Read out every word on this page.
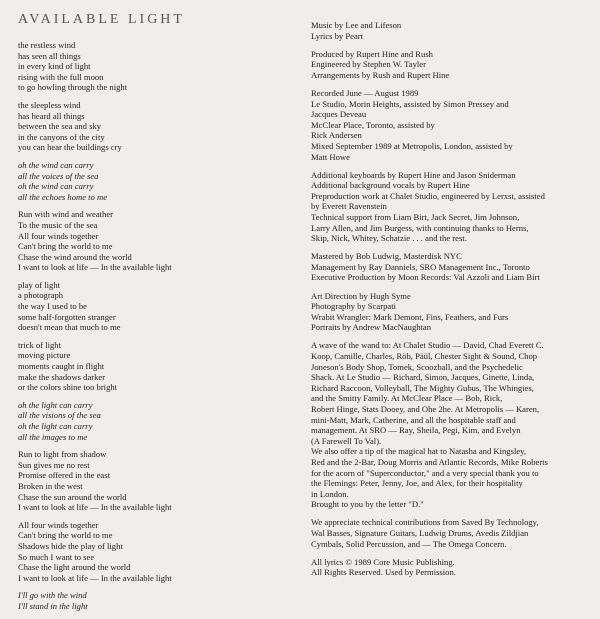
AVAILABLE LIGHT
the restless wind
has seen all things
in every kind of light
rising with the full moon
to go howling through the night
the sleepless wind
has heard all things
between the sea and sky
in the canyons of the city
you can hear the buildings cry
oh the wind can carry
all the voices of the sea
oh the wind can carry
all the echoes home to me
Run with wind and weather
To the music of the sea
All four winds together
Can't bring the world to me
Chase the wind around the world
I want to look at life — In the available light
play of light
a photograph
the way I used to be
some half-forgotten stranger
doesn't mean that much to me
trick of light
moving picture
moments caught in flight
make the shadows darker
or the colors shine too bright
oh the light can carry
all the visions of the sea
oh the light can carry
all the images to me
Run to light from shadow
Sun gives me no rest
Promise offered in the east
Broken in the west
Chase the sun around the world
I want to look at life — In the available light
All four winds together
Can't bring the world to me
Shadows hide the play of light
So much I want to see
Chase the light around the world
I want to look at life — In the available light
I'll go with the wind
I'll stand in the light
Music by Lee and Lifeson
Lyrics by Peart
Produced by Rupert Hine and Rush
Engineered by Stephen W. Tayler
Arrangements by Rush and Rupert Hine
Recorded June — August 1989
Le Studio, Morin Heights, assisted by Simon Pressey and
Jacques Deveau
McClear Place, Toronto, assisted by
Rick Andersen
Mixed September 1989 at Metropolis, London, assisted by
Matt Howe
Additional keyboards by Rupert Hine and Jason Sniderman
Additional background vocals by Rupert Hine
Preproduction work at Chalet Studio, engineered by Lerxst, assisted
by Everett Ravenstein
Technical support from Liam Birt, Jack Secret, Jim Johnson,
Larry Allen, and Jim Burgess, with continuing thanks to Herns,
Skip, Nick, Whitey, Schatzie . . . and the rest.
Mastered by Bob Ludwig, Masterdisk NYC
Management by Ray Danniels, SRO Management Inc., Toronto
Executive Production by Moon Records: Val Azzoli and Liam Birt
Art Direction by Hugh Syme
Photography by Scarpati
Wrabit Wrangler: Mark Demont, Fins, Feathers, and Furs
Portraits by Andrew MacNaughtan
A wave of the wand to: At Chalet Studio — David, Chad Everett C.
Koop, Camille, Charles, Röb, Päül, Chester Sight & Sound, Chop
Joneson's Body Shop, Tomek, Scoozball, and the Psychedelic
Shack. At Le Studio — Richard, Simon, Jacques, Ginette, Linda,
Richard Raccoon, Volleyball, The Mighty Gubus, The Whingies,
and the Smitty Family. At McClear Place — Bob, Rick,
Robert Hinge, Stats Dooey, and Ohe 2he. At Metropolis — Karen,
mini-Matt, Mark, Catherine, and all the hospitable staff and
management. At SRO — Ray, Sheila, Pegi, Kim, and Evelyn
(A Farewell To Val).
We also offer a tip of the magical hat to Natasha and Kingsley,
Red and the 2-Bar, Doug Morris and Atlantic Records, Mike Roberts
for the acorn of "Superconductor," and a very special thank you to
the Flemings: Peter, Jenny, Joe, and Alex, for their hospitality
in London.
Brought to you by the letter "D."
We appreciate technical contributions from Saved By Technology,
Wal Basses, Signature Guitars, Ludwig Drums, Avedis Zildjian
Cymbals, Solid Percussion, and — The Omega Concern.
All lyrics © 1989 Core Music Publishing.
All Rights Reserved. Used by Permission.
